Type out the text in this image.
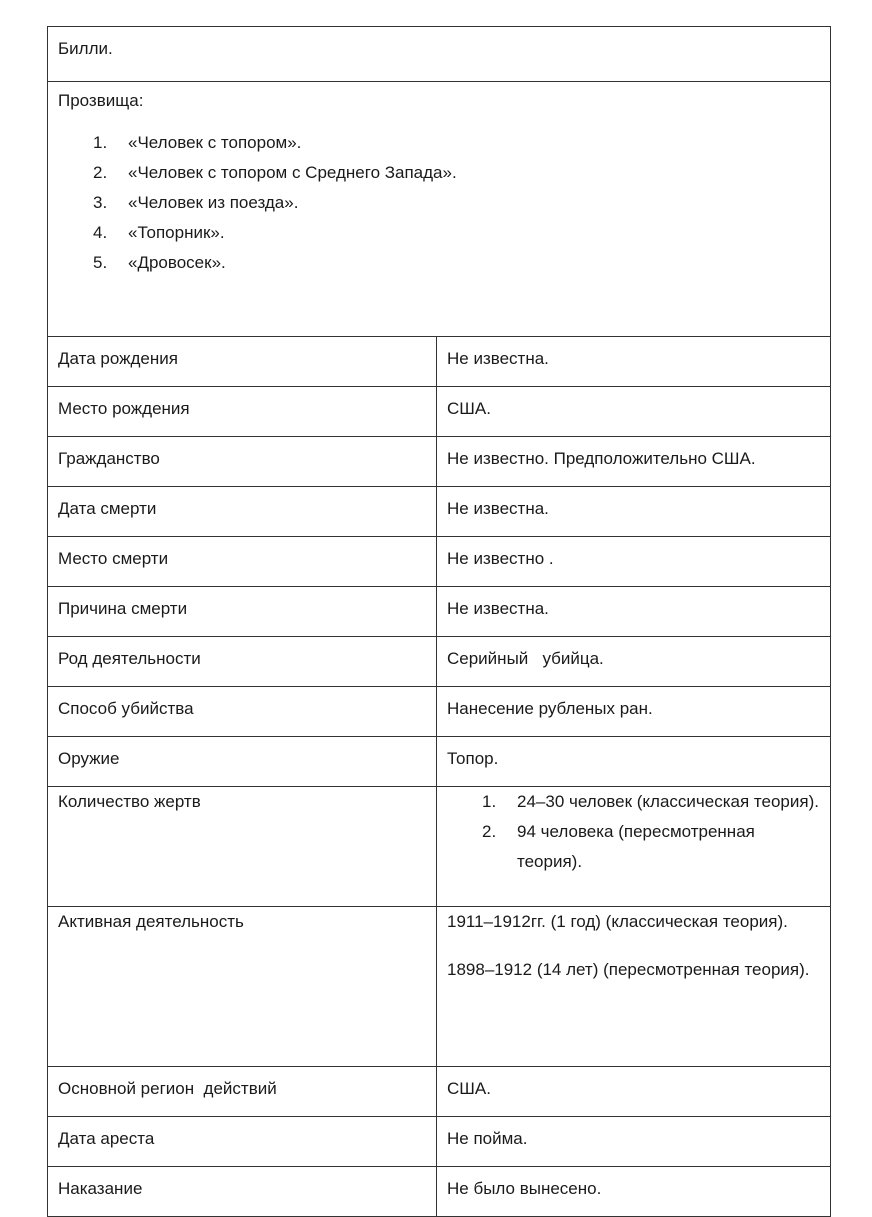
Билли.	

Прозвища:
1. «Человек с топором».
2. «Человек с топором с Среднего Запада».
3. «Человек из поезда».
4. «Топорник».
5. «Дровосек».

Дата рождения	Не известна.
Место рождения	США.
Гражданство	Не известно. Предположительно США.
Дата смерти	Не известна.
Место смерти	Не известно .
Причина смерти	Не известна.
Род деятельности	Серийный   убийца.
Способ убийства	Нанесение рубленых ран.
Оружие	Топор.
Количество жертв	1. 24–30 человек (классическая теория).
2. 94 человека (пересмотренная теория).

Активная деятельность	1911–1912гг. (1 год) (классическая теория).
1898–1912 (14 лет) (пересмотренная теория).

Основной регион  действий	США.
Дата ареста	Не пойма.
Наказание	Не было вынесено.
